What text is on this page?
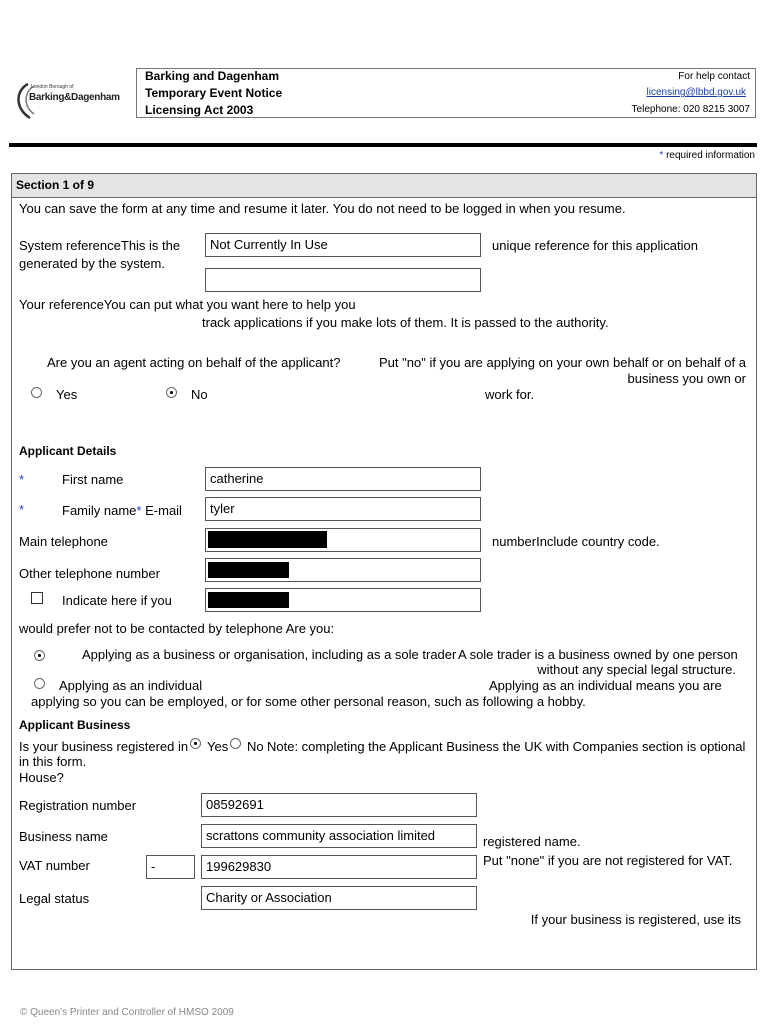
London Borough of
Barking&Dagenham
Barking and Dagenham
Temporary Event Notice
Licensing Act 2003
For help contact
licensing@lbbd.gov.uk
Telephone: 020 8215 3007
* required information
Section 1 of 9
You can save the form at any time and resume it later. You do not need to be logged in when you resume.
System referenceThis is the
generated by the system.
Not Currently In Use	unique reference for this application
Your referenceYou can put what you want here to help you
track applications if you make lots of them. It is passed to the authority.
Are you an agent acting on behalf of the applicant?	Put "no" if you are applying on your own behalf or on behalf of a
business you own or
Yes	No	work for.
Applicant Details
*	First name	catherine
*	Family name* E-mail	tyler
Main telephone	numberInclude country code.
Other telephone number
Indicate here if you
would prefer not to be contacted by telephone Are you:
Applying as a business or organisation, including as a sole trader A sole trader is a business owned by one person
without any special legal structure.
Applying as an individual	Applying as an individual means you are
applying so you can be employed, or for some other personal reason, such as following a hobby.
Applicant Business
Is your business registered in Yes No Note: completing the Applicant Business the UK with Companies section is optional
in this form.
House?
Registration number	08592691
Business name	scrattons community association limited	registered name.
VAT number	-	199629830	Put "none" if you are not registered for VAT.
Legal status	Charity or Association
If your business is registered, use its
© Queen's Printer and Controller of HMSO 2009
